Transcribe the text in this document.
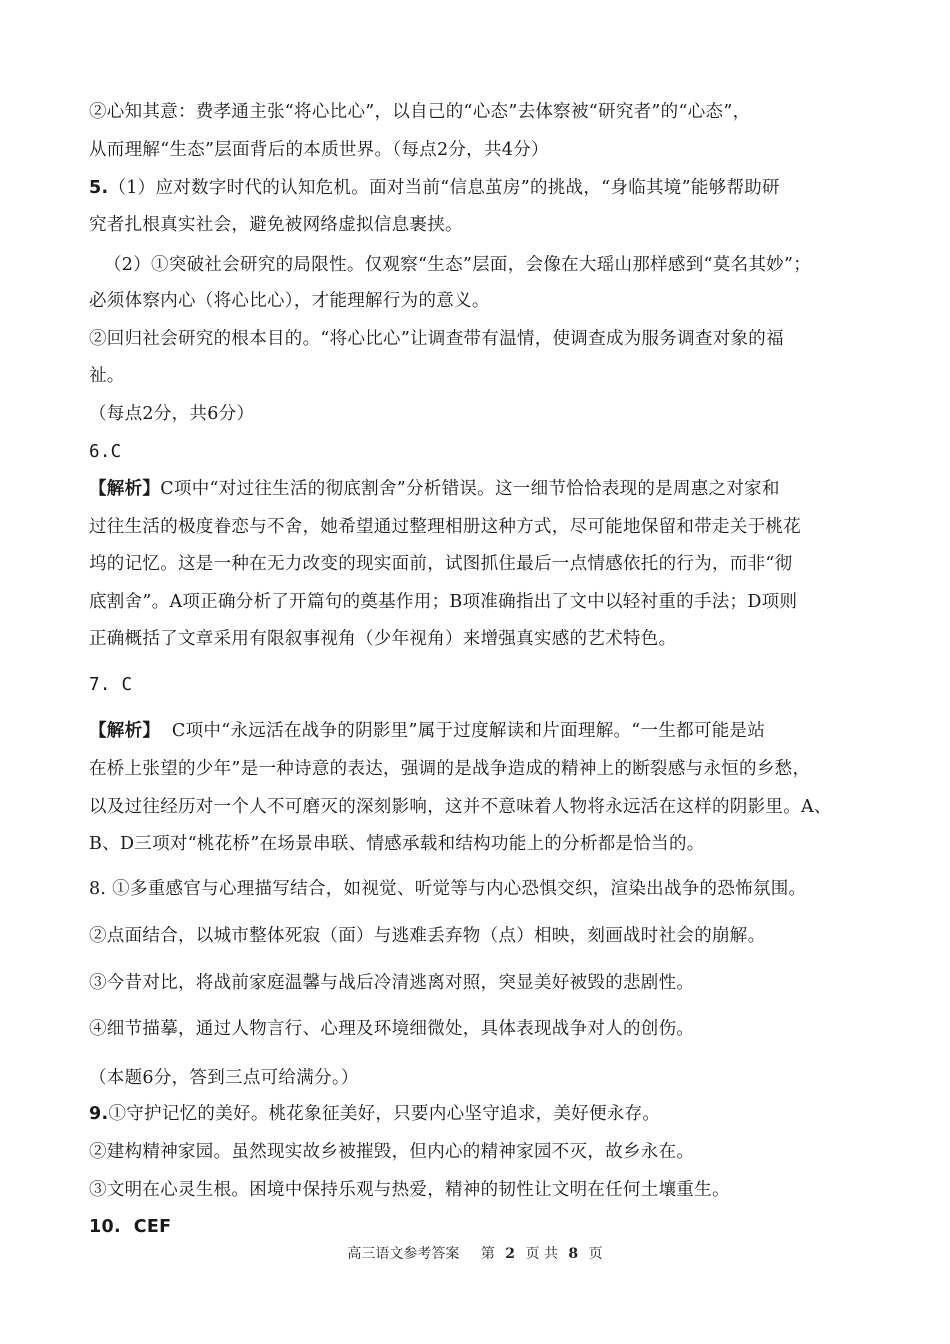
②心知其意：费孝通主张“将心比心”，以自己的“心态”去体察被“研究者”的“心态”，
从而理解“生态”层面背后的本质世界。（每点2分，共4分）
5.（1）应对数字时代的认知危机。面对当前“信息茧房”的挑战，“身临其境”能够帮助研
究者扎根真实社会，避免被网络虚拟信息裹挟。
（2）①突破社会研究的局限性。仅观察“生态”层面，会像在大瑶山那样感到“莫名其妙”；
必须体察内心（将心比心），才能理解行为的意义。
②回归社会研究的根本目的。“将心比心”让调查带有温情，使调查成为服务调查对象的福
祉。
（每点2分，共6分）
6.C
【解析】C项中“对过往生活的彻底割舍”分析错误。这一细节恰恰表现的是周惠之对家和
过往生活的极度眷恋与不舍，她希望通过整理相册这种方式，尽可能地保留和带走关于桃花
坞的记忆。这是一种在无力改变的现实面前，试图抓住最后一点情感依托的行为，而非“彻
底割舍”。A项正确分析了开篇句的奠基作用；B项准确指出了文中以轻衬重的手法；D项则
正确概括了文章采用有限叙事视角（少年视角）来增强真实感的艺术特色。
7. C
【解析】  C项中“永远活在战争的阴影里”属于过度解读和片面理解。“一生都可能是站
在桥上张望的少年”是一种诗意的表达，强调的是战争造成的精神上的断裂感与永恒的乡愁，
以及过往经历对一个人不可磨灭的深刻影响，这并不意味着人物将永远活在这样的阴影里。A、
B、D三项对“桃花桥”在场景串联、情感承载和结构功能上的分析都是恰当的。
8. ①多重感官与心理描写结合，如视觉、听觉等与内心恐惧交织，渲染出战争的恐怖氛围。
②点面结合，以城市整体死寂（面）与逃难丢弃物（点）相映，刻画战时社会的崩解。
③今昔对比，将战前家庭温馨与战后冷清逃离对照，突显美好被毁的悲剧性。
④细节描摹，通过人物言行、心理及环境细微处，具体表现战争对人的创伤。
（本题6分，答到三点可给满分。）
9.①守护记忆的美好。桃花象征美好，只要内心坚守追求，美好便永存。
②建构精神家园。虽然现实故乡被摧毁，但内心的精神家园不灭，故乡永在。
③文明在心灵生根。困境中保持乐观与热爱，精神的韧性让文明在任何土壤重生。
10.  CEF
高三语文参考答案 第 2 页 共 8 页
